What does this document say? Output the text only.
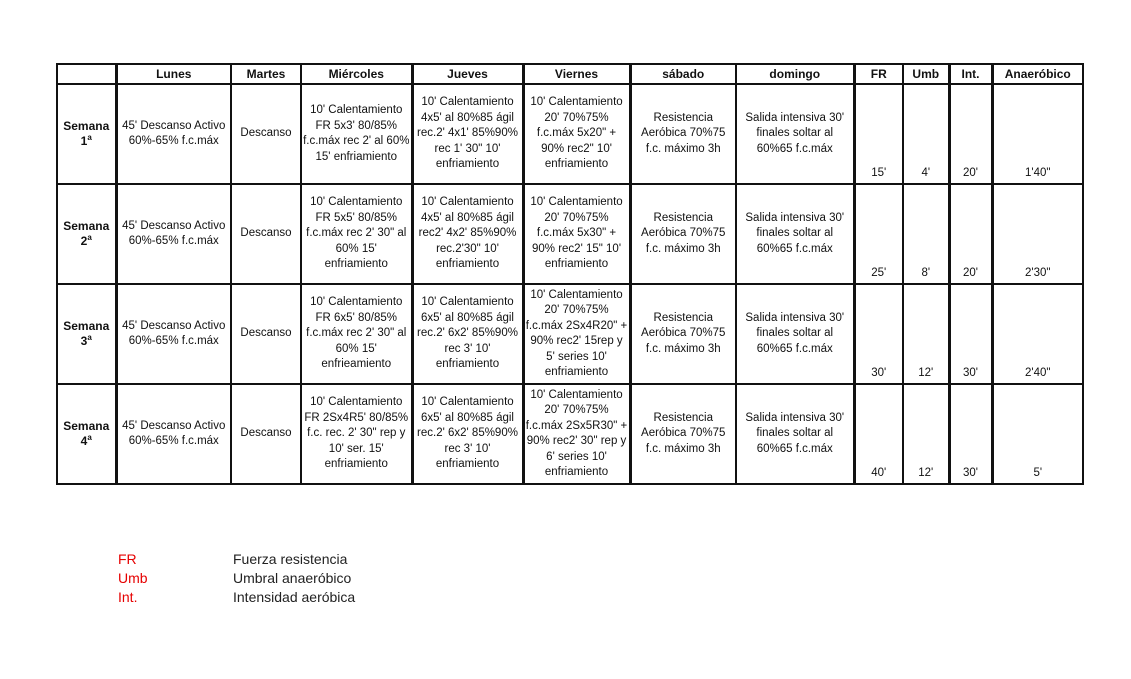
	Lunes	Martes	Miércoles	Jueves	Viernes	sábado	domingo	FR	Umb	Int.	Anaeróbico
Semana
1$^a$	45' Descanso Activo 60%-65% f.c.máx	Descanso	10' Calentamiento FR 5x3' 80/85% f.c.máx rec 2' al 60% 15' enfriamiento	10' Calentamiento 4x5' al 80%85 ágil rec.2' 4x1' 85%90% rec 1' 30" 10' enfriamiento	10' Calentamiento 20' 70%75% f.c.máx 5x20" + 90% rec2" 10' enfriamiento	Resistencia Aeróbica 70%75 f.c. máximo 3h	Salida intensiva 30' finales soltar al 60%65 f.c.máx	15'	4'	20'	1'40"
Semana
2$^a$	45' Descanso Activo 60%-65% f.c.máx	Descanso	10' Calentamiento FR 5x5' 80/85% f.c.máx rec 2' 30" al 60% 15' enfriamiento	10' Calentamiento 4x5' al 80%85 ágil rec2' 4x2' 85%90% rec.2'30" 10' enfriamiento	10' Calentamiento 20' 70%75% f.c.máx 5x30" + 90% rec2' 15" 10' enfriamiento	Resistencia Aeróbica 70%75 f.c. máximo 3h	Salida intensiva 30' finales soltar al 60%65 f.c.máx	25'	8'	20'	2'30"
Semana
3$^a$	45' Descanso Activo 60%-65% f.c.máx	Descanso	10' Calentamiento FR 6x5' 80/85% f.c.máx rec 2' 30" al 60% 15' enfrieamiento	10' Calentamiento 6x5' al 80%85 ágil rec.2' 6x2' 85%90% rec 3' 10' enfriamiento	10' Calentamiento 20' 70%75% f.c.máx 2Sx4R20" + 90% rec2' 15rep y 5' series 10' enfriamiento	Resistencia Aeróbica 70%75 f.c. máximo 3h	Salida intensiva 30' finales soltar al 60%65 f.c.máx	30'	12'	30'	2'40"
Semana
4$^a$	45' Descanso Activo 60%-65% f.c.máx	Descanso	10' Calentamiento FR 2Sx4R5' 80/85% f.c. rec. 2' 30" rep y 10' ser. 15' enfriamiento	10' Calentamiento 6x5' al 80%85 ágil rec.2' 6x2' 85%90% rec 3' 10' enfriamiento	10' Calentamiento 20' 70%75% f.c.máx 2Sx5R30" + 90% rec2' 30" rep y 6' series 10' enfriamiento	Resistencia Aeróbica 70%75 f.c. máximo 3h	Salida intensiva 30' finales soltar al 60%65 f.c.máx	40'	12'	30'	5'
FR	Fuerza resistencia
Umb	Umbral anaeróbico
Int.	Intensidad aeróbica
